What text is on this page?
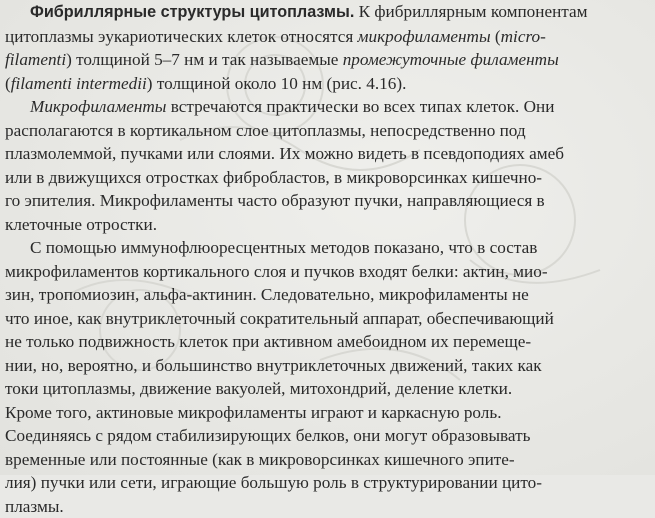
Фибриллярные структуры цитоплазмы. К фибриллярным компонентам
цитоплазмы эукариотических клеток относятся микрофиламенты (micro-
filamenti) толщиной 5–7 нм и так называемые промежуточные филаменты
(filamenti intermedii) толщиной около 10 нм (рис. 4.16).

Микрофиламенты встречаются практически во всех типах клеток. Они
располагаются в кортикальном слое цитоплазмы, непосредственно под
плазмолеммой, пучками или слоями. Их можно видеть в псевдоподиях амеб
или в движущихся отростках фибробластов, в микроворсинках кишечно-
го эпителия. Микрофиламенты часто образуют пучки, направляющиеся в
клеточные отростки.

С помощью иммунофлюоресцентных методов показано, что в состав
микрофиламентов кортикального слоя и пучков входят белки: актин, мио-
зин, тропомиозин, альфа-актинин. Следовательно, микрофиламенты не
что иное, как внутриклеточный сократительный аппарат, обеспечивающий
не только подвижность клеток при активном амебоидном их перемеще-
нии, но, вероятно, и большинство внутриклеточных движений, таких как
токи цитоплазмы, движение вакуолей, митохондрий, деление клетки.
Кроме того, актиновые микрофиламенты играют и каркасную роль.
Соединяясь с рядом стабилизирующих белков, они могут образовывать
временные или постоянные (как в микроворсинках кишечного эпите-
лия) пучки или сети, играющие большую роль в структурировании цито-
плазмы.
